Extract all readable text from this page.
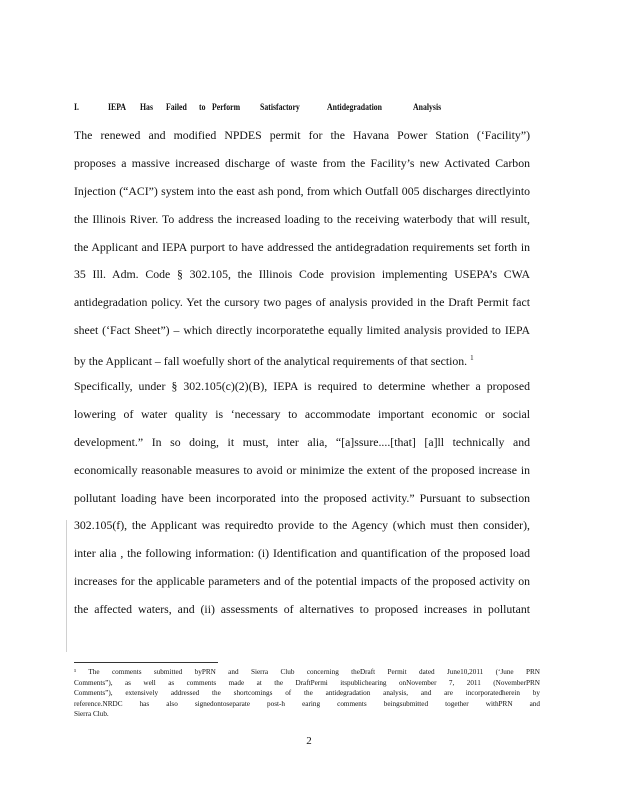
I.	IEPA Has Failed to Perform Satisfactory	Antidegradation	Analysis
The renewed and modified NPDES permit for the Havana Power Station (‘Facility”)
proposes a massive increased discharge of waste from the Facility’s new Activated Carbon
Injection (“ACI”) system into the east ash pond, from which Outfall 005 discharges directlyinto
the Illinois River. To address the increased loading to the receiving waterbody that will result,
the Applicant and IEPA purport to have addressed the antidegradation requirements set forth in
35 Ill. Adm. Code § 302.105, the Illinois Code provision implementing USEPA’s CWA
antidegradation policy. Yet the cursory two pages of analysis provided in the Draft Permit fact
sheet (‘Fact Sheet”) – which directly incorporatethe equally limited analysis provided to IEPA
by the Applicant – fall woefully short of the analytical requirements of that section. $^1$
Specifically, under § 302.105(c)(2)(B), IEPA is required to determine whether a proposed
lowering of water quality is ‘necessary to accommodate important economic or social
development.” In so doing, it must, inter alia, “[a]ssure....[that] [a]ll technically and
economically reasonable measures to avoid or minimize the extent of the proposed increase in
pollutant loading have been incorporated into the proposed activity.” Pursuant to subsection
302.105(f), the Applicant was requiredto provide to the Agency (which must then consider),
inter alia , the following information: (i) Identification and quantification of the proposed load
increases for the applicable parameters and of the potential impacts of the proposed activity on
the affected waters, and (ii) assessments of alternatives to proposed increases in pollutant
¹ The comments submitted byPRN and Sierra Club concerning theDraft Permit dated June10,2011 (‘June PRN
Comments”), as well as comments made at the DraftPermi itspublichearing onNovember 7, 2011 (NovemberPRN
Comments”), extensively addressed the shortcomings of the antidegradation analysis, and are incorporatedherein by
reference.NRDC has also signedontoseparate post-h earing comments beingsubmitted together withPRN and
Sierra Club.
2
